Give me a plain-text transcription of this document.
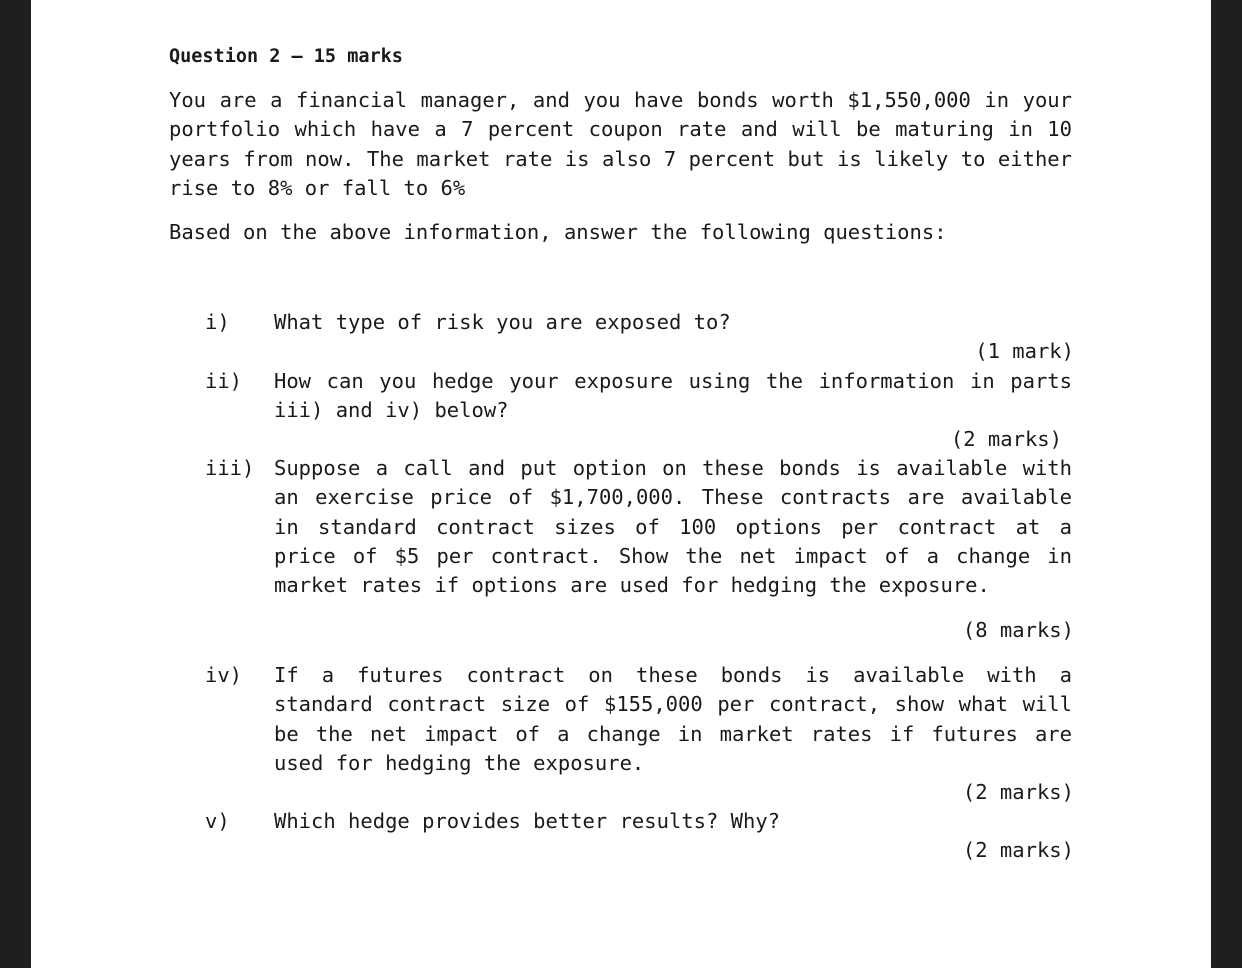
Question 2 – 15 marks

You are a financial manager, and you have bonds worth $1,550,000 in your portfolio which have a 7 percent coupon rate and will be maturing in 10 years from now. The market rate is also 7 percent but is likely to either rise to 8% or fall to 6%

Based on the above information, answer the following questions:

i) What type of risk you are exposed to?

(1 mark)
ii) How can you hedge your exposure using the information in parts iii) and iv) below?

(2 marks)
iii) Suppose a call and put option on these bonds is available with an exercise price of $1,700,000. These contracts are available in standard contract sizes of 100 options per contract at a price of $5 per contract. Show the net impact of a change in market rates if options are used for hedging the exposure.

(8 marks)
iv) If a futures contract on these bonds is available with a standard contract size of $155,000 per contract, show what will be the net impact of a change in market rates if futures are used for hedging the exposure.

(2 marks)
v) Which hedge provides better results? Why?

(2 marks)
